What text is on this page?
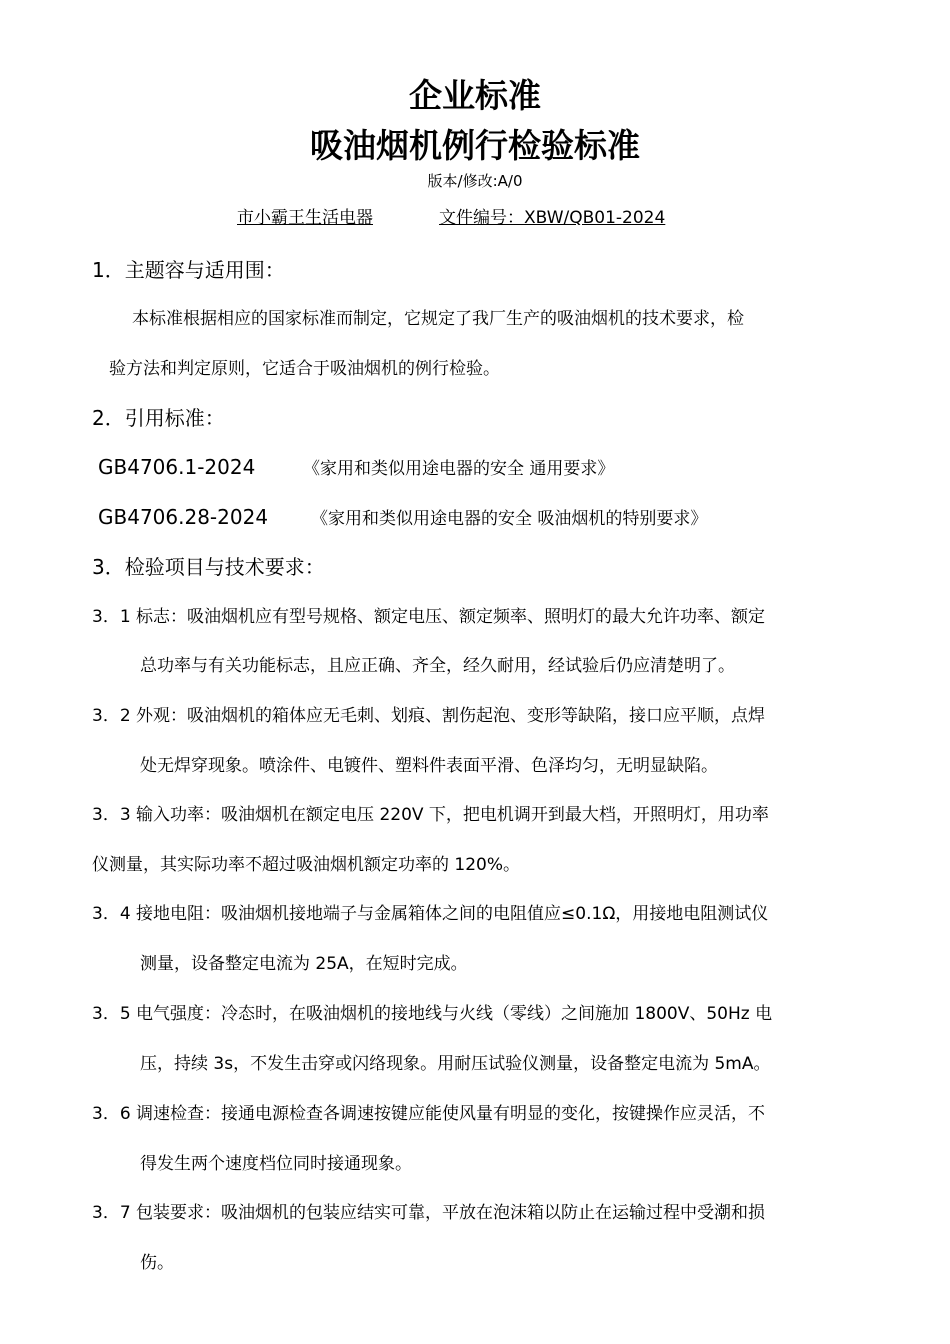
企业标准
吸油烟机例行检验标准
版本/修改:A/0
市小霸王生活电器	文件编号：XBW/QB01-2024
1．主题容与适用围：
本标准根据相应的国家标准而制定，它规定了我厂生产的吸油烟机的技术要求，检
验方法和判定原则，它适合于吸油烟机的例行检验。
2．引用标准：
GB4706.1-2024	《家用和类似用途电器的安全 通用要求》
GB4706.28-2024	《家用和类似用途电器的安全 吸油烟机的特别要求》
3．检验项目与技术要求：
3．1 标志：吸油烟机应有型号规格、额定电压、额定频率、照明灯的最大允许功率、额定
总功率与有关功能标志，且应正确、齐全，经久耐用，经试验后仍应清楚明了。
3．2 外观：吸油烟机的箱体应无毛刺、划痕、割伤起泡、变形等缺陷，接口应平顺，点焊
处无焊穿现象。喷涂件、电镀件、塑料件表面平滑、色泽均匀，无明显缺陷。
3．3 输入功率：吸油烟机在额定电压 220V 下，把电机调开到最大档，开照明灯，用功率
仪测量，其实际功率不超过吸油烟机额定功率的 120%。
3．4 接地电阻：吸油烟机接地端子与金属箱体之间的电阻值应≤0.1Ω，用接地电阻测试仪
测量，设备整定电流为 25A，在短时完成。
3．5 电气强度：冷态时，在吸油烟机的接地线与火线（零线）之间施加 1800V、50Hz 电
压，持续 3s，不发生击穿或闪络现象。用耐压试验仪测量，设备整定电流为 5mA。
3．6 调速检查：接通电源检查各调速按键应能使风量有明显的变化，按键操作应灵活，不
得发生两个速度档位同时接通现象。
3．7 包装要求：吸油烟机的包装应结实可靠，平放在泡沫箱以防止在运输过程中受潮和损
伤。
